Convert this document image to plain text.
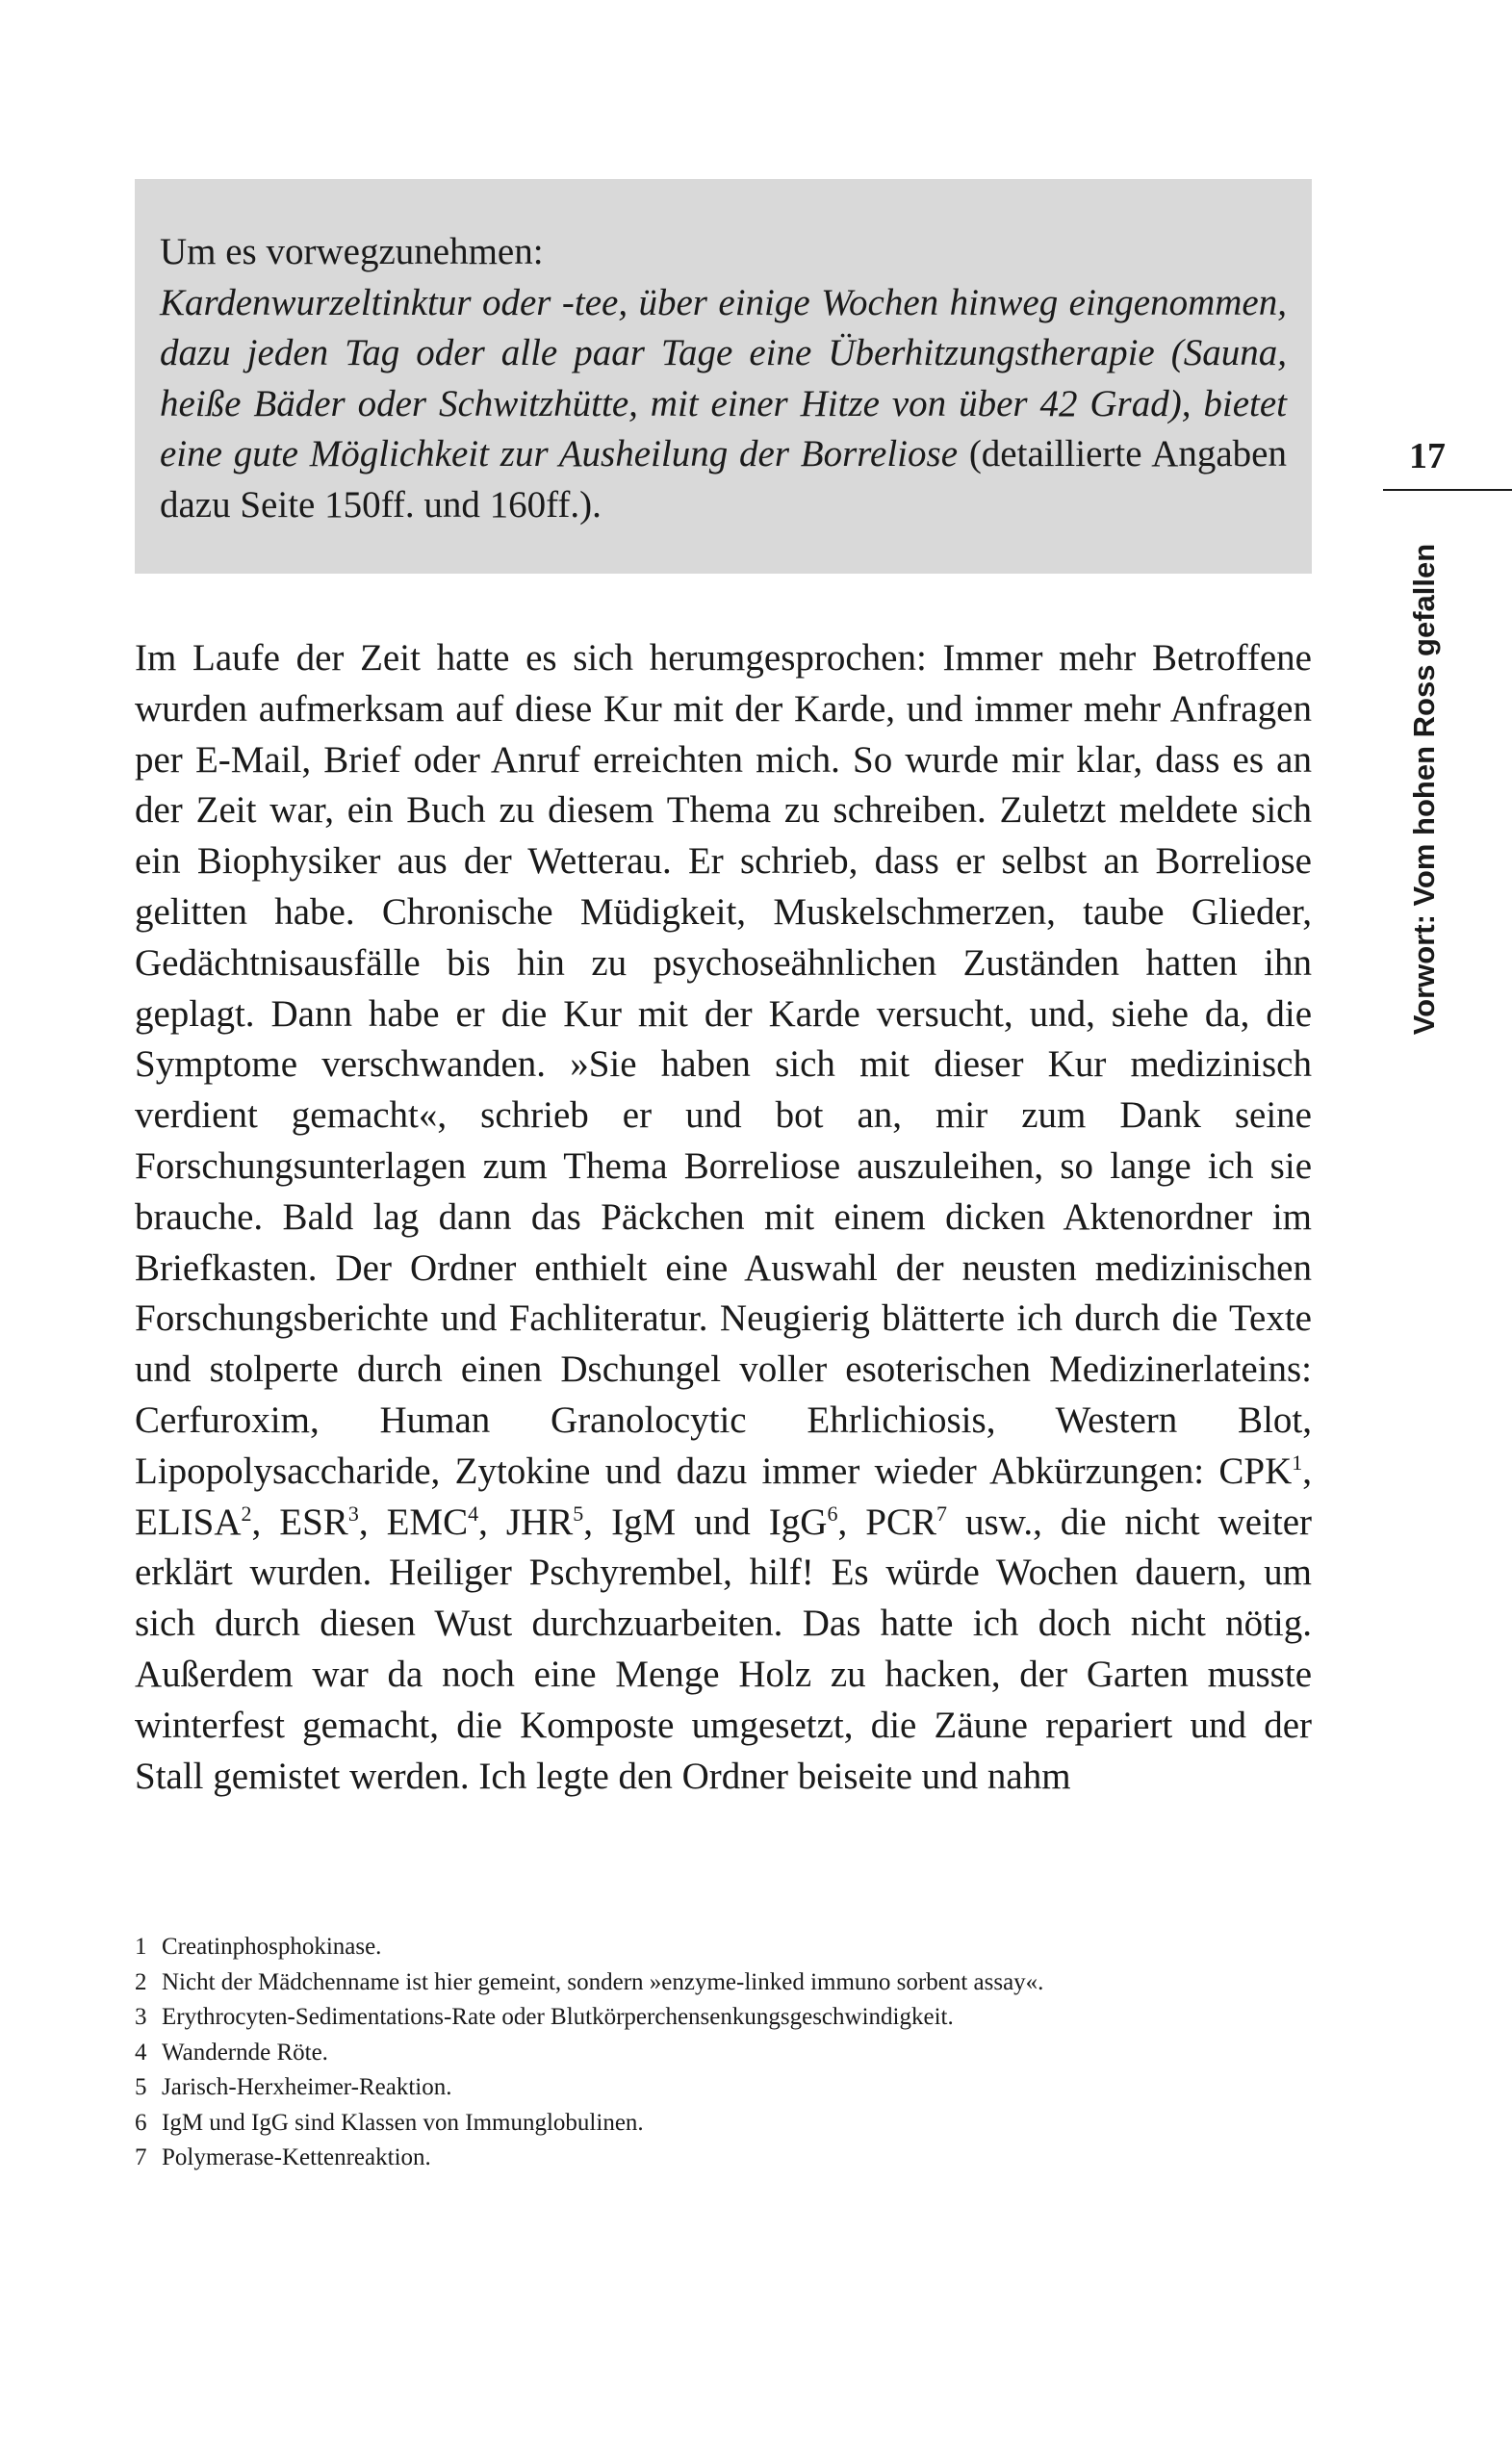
Um es vorwegzunehmen:

Kardenwurzeltinktur oder -tee, über einige Wochen hinweg eingenommen, dazu jeden Tag oder alle paar Tage eine Überhitzungstherapie (Sauna, heiße Bäder oder Schwitzhütte, mit einer Hitze von über 42 Grad), bietet eine gute Möglichkeit zur Ausheilung der Borreliose (detaillierte Angaben dazu Seite 150ff. und 160ff.).

Im Laufe der Zeit hatte es sich herumgesprochen: Immer mehr Betroffene wurden aufmerksam auf diese Kur mit der Karde, und immer mehr Anfragen per E-Mail, Brief oder Anruf erreichten mich. So wurde mir klar, dass es an der Zeit war, ein Buch zu diesem Thema zu schreiben. Zuletzt meldete sich ein Biophysiker aus der Wetterau. Er schrieb, dass er selbst an Borreliose gelitten habe. Chronische Müdigkeit, Muskelschmerzen, taube Glieder, Gedächtnisausfälle bis hin zu psychoseähnlichen Zuständen hatten ihn geplagt. Dann habe er die Kur mit der Karde versucht, und, siehe da, die Symptome verschwanden. »Sie haben sich mit dieser Kur medizinisch verdient gemacht«, schrieb er und bot an, mir zum Dank seine Forschungsunterlagen zum Thema Borreliose auszuleihen, so lange ich sie brauche. Bald lag dann das Päckchen mit einem dicken Aktenordner im Briefkasten. Der Ordner enthielt eine Auswahl der neusten medizinischen Forschungsberichte und Fachliteratur. Neugierig blätterte ich durch die Texte und stolperte durch einen Dschungel voller esoterischen Medizinerlateins: Cerfuroxim, Human Granolocytic Ehrlichiosis, Western Blot, Lipopolysaccharide, Zytokine und dazu immer wieder Abkürzungen: CPK$^1$, ELISA$^2$, ESR$^3$, EMC$^4$, JHR$^5$, IgM und IgG$^6$, PCR$^7$ usw., die nicht weiter erklärt wurden. Heiliger Pschyrembel, hilf! Es würde Wochen dauern, um sich durch diesen Wust durchzuarbeiten. Das hatte ich doch nicht nötig. Außerdem war da noch eine Menge Holz zu hacken, der Garten musste winterfest gemacht, die Komposte umgesetzt, die Zäune repariert und der Stall gemistet werden. Ich legte den Ordner beiseite und nahm

1 Creatinphosphokinase.
2 Nicht der Mädchenname ist hier gemeint, sondern »enzyme-linked immuno sorbent assay«.
3 Erythrocyten-Sedimentations-Rate oder Blutkörperchensenkungsgeschwindigkeit.
4 Wandernde Röte.
5 Jarisch-Herxheimer-Reaktion.
6 IgM und IgG sind Klassen von Immunglobulinen.
7 Polymerase-Kettenreaktion.
17
Vorwort: Vom hohen Ross gefallen
